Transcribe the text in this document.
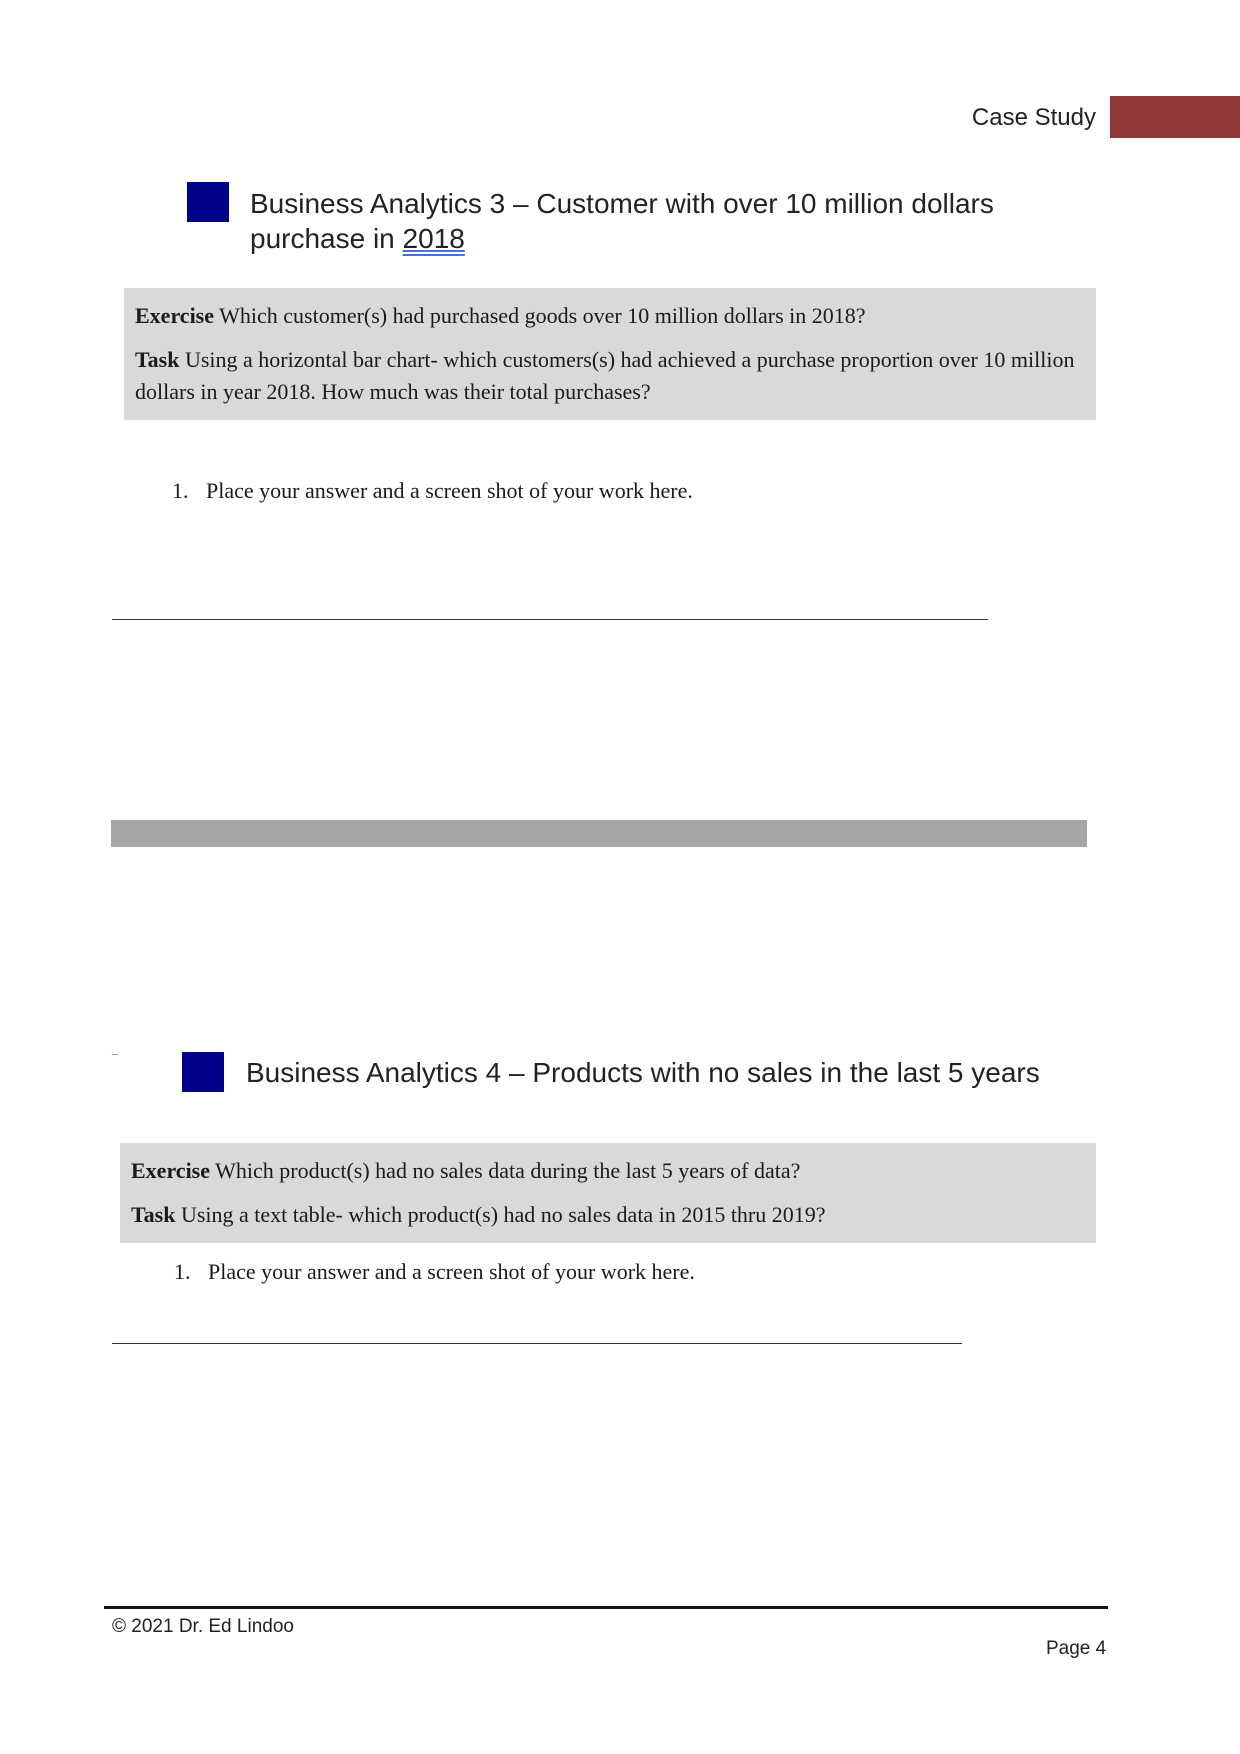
Case Study
Business Analytics 3 – Customer with over 10 million dollars purchase in 2018

Exercise Which customer(s) had purchased goods over 10 million dollars in 2018?

Task Using a horizontal bar chart- which customers(s) had achieved a purchase proportion over 10 million dollars in year 2018. How much was their total purchases?

1. Place your answer and a screen shot of your work here.
_
Business Analytics 4 – Products with no sales in the last 5 years

Exercise Which product(s) had no sales data during the last 5 years of data?

Task Using a text table- which product(s) had no sales data in 2015 thru 2019?

1. Place your answer and a screen shot of your work here.
© 2021 Dr. Ed Lindoo
Page 4
